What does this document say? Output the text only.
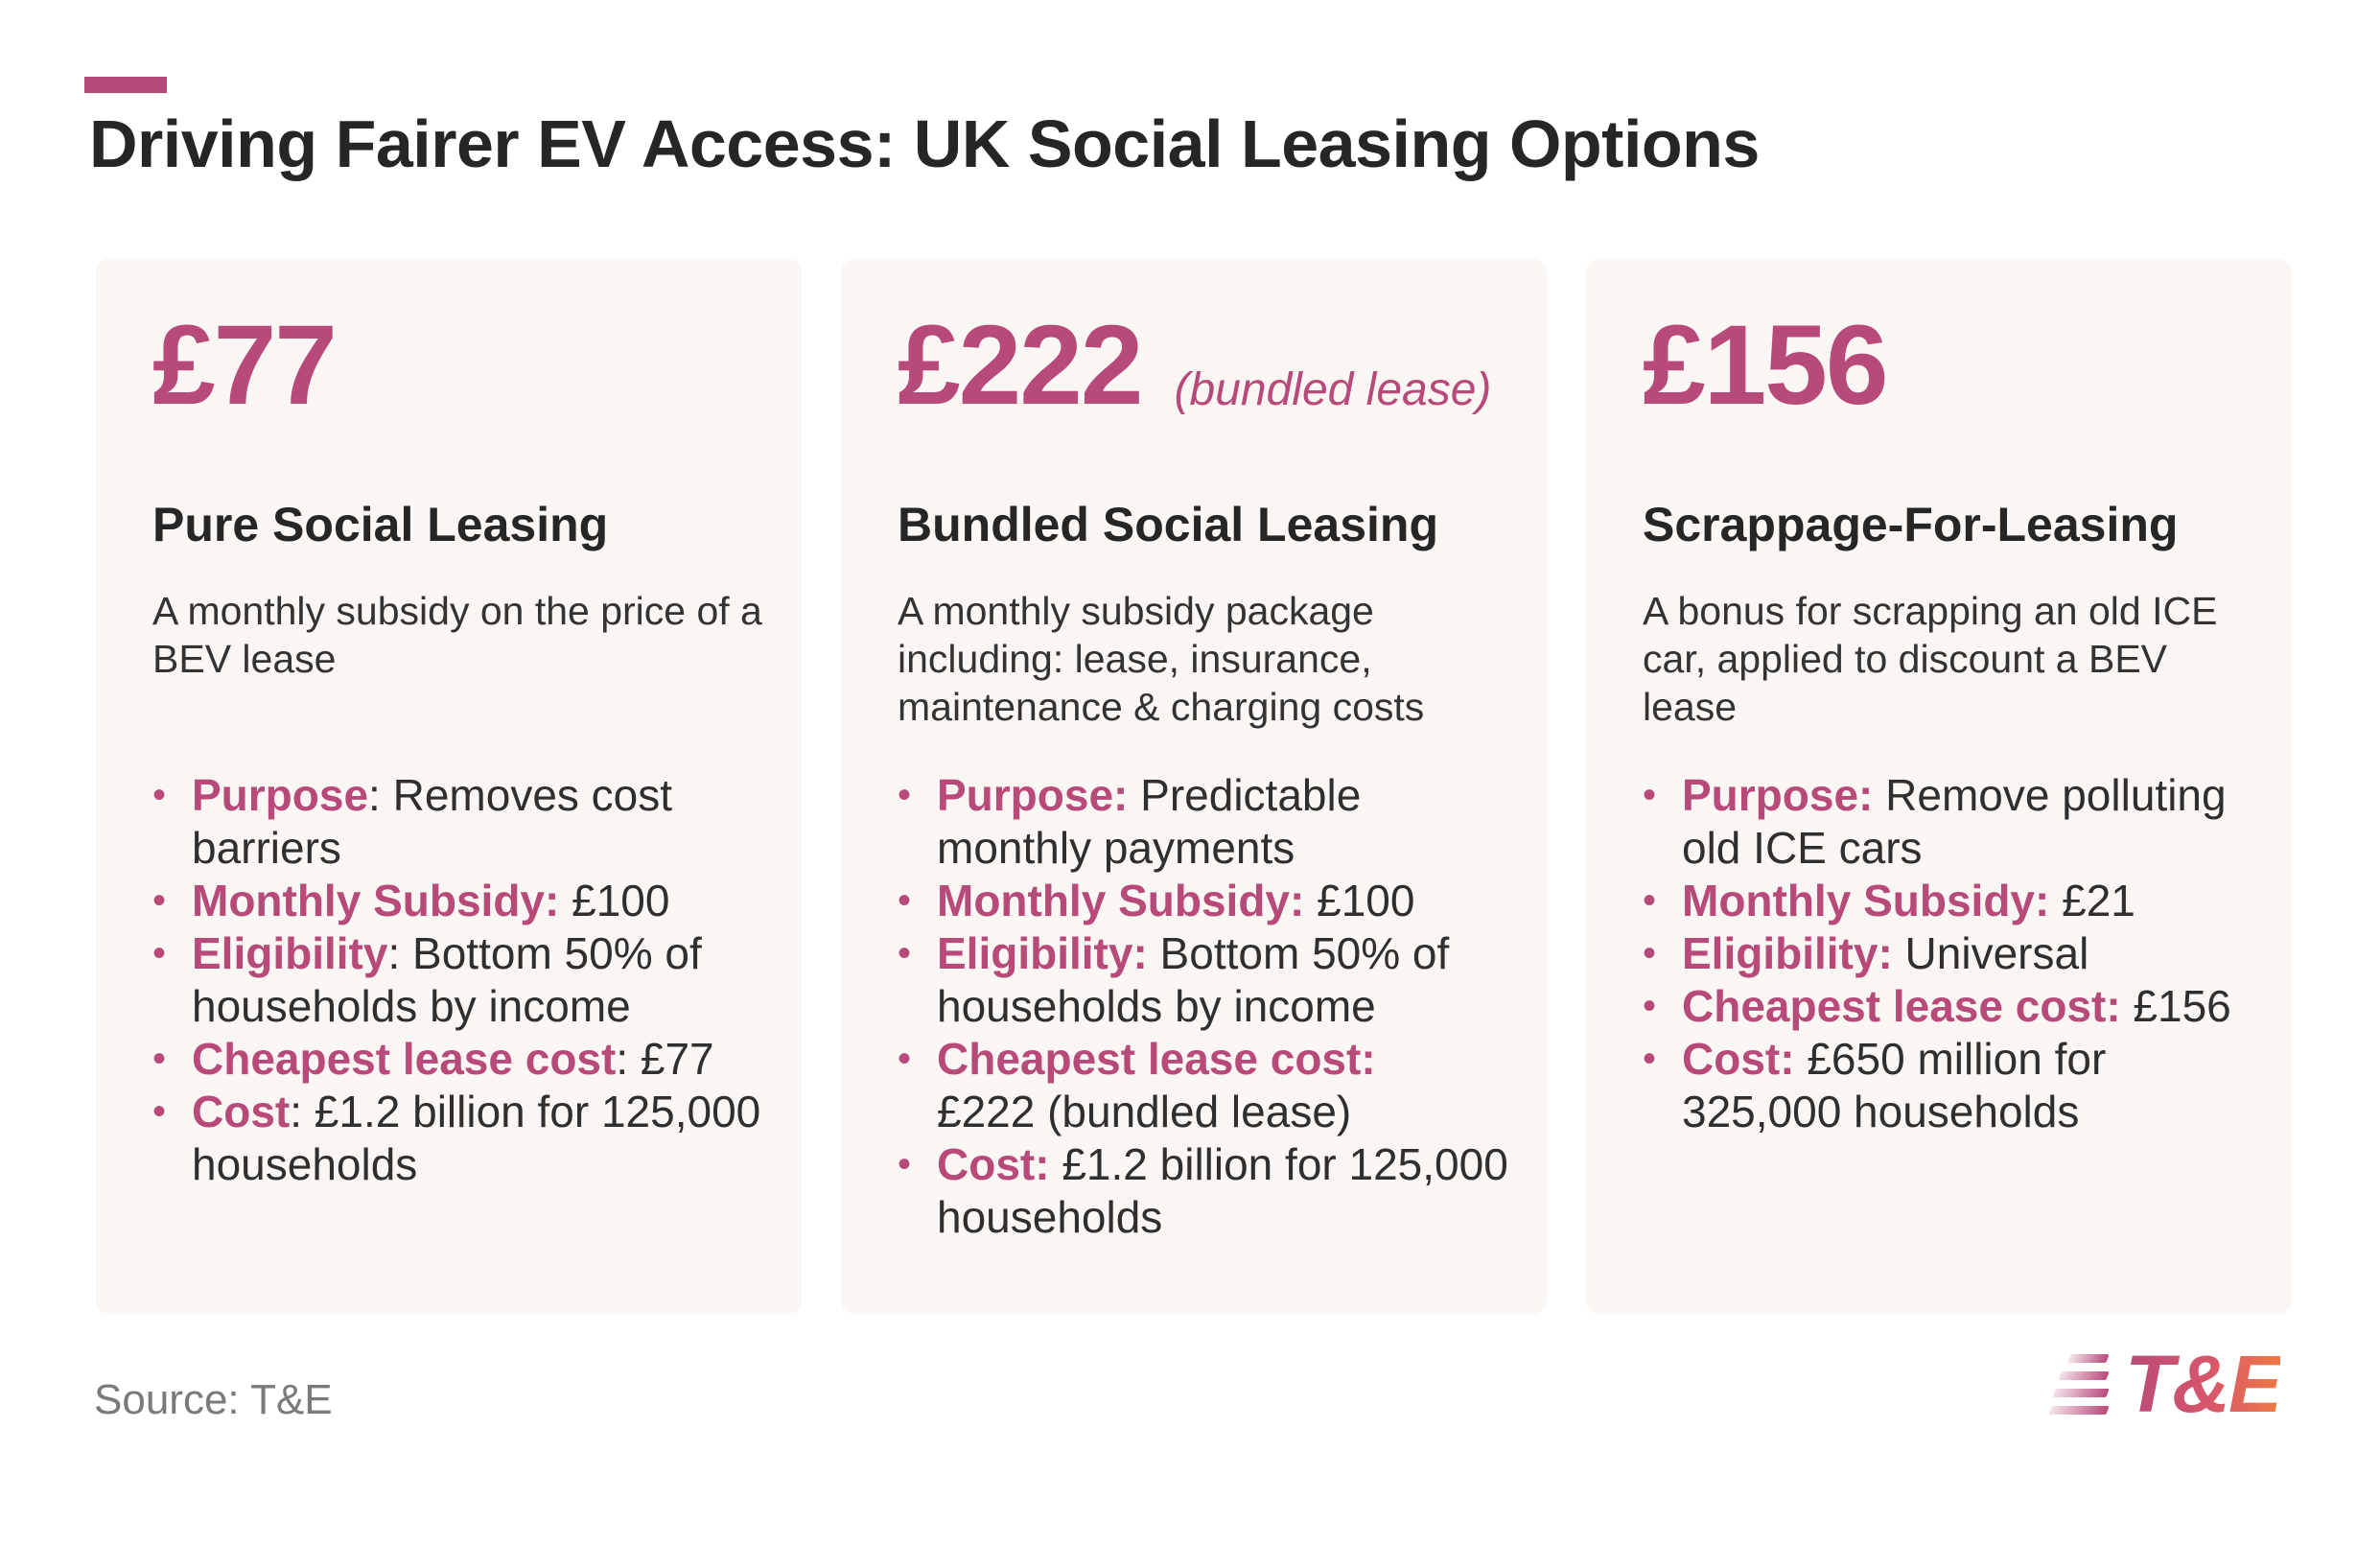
Driving Fairer EV Access: UK Social Leasing Options
£77
Pure Social Leasing

A monthly subsidy on the price of a BEV lease

• Purpose: Removes cost barriers
• Monthly Subsidy: £100
• Eligibility: Bottom 50% of households by income
• Cheapest lease cost: £77
• Cost: £1.2 billion for 125,000 households
£222 (bundled lease)
Bundled Social Leasing

A monthly subsidy package including: lease, insurance, maintenance & charging costs

• Purpose: Predictable monthly payments
• Monthly Subsidy: £100
• Eligibility: Bottom 50% of households by income
• Cheapest lease cost:
£222 (bundled lease)
• Cost: £1.2 billion for 125,000 households
£156
Scrappage-For-Leasing

A bonus for scrapping an old ICE car, applied to discount a BEV lease

• Purpose: Remove polluting old ICE cars
• Monthly Subsidy: £21
• Eligibility: Universal
• Cheapest lease cost: £156
• Cost: £650 million for 325,000 households
Source: T&E	T&E
